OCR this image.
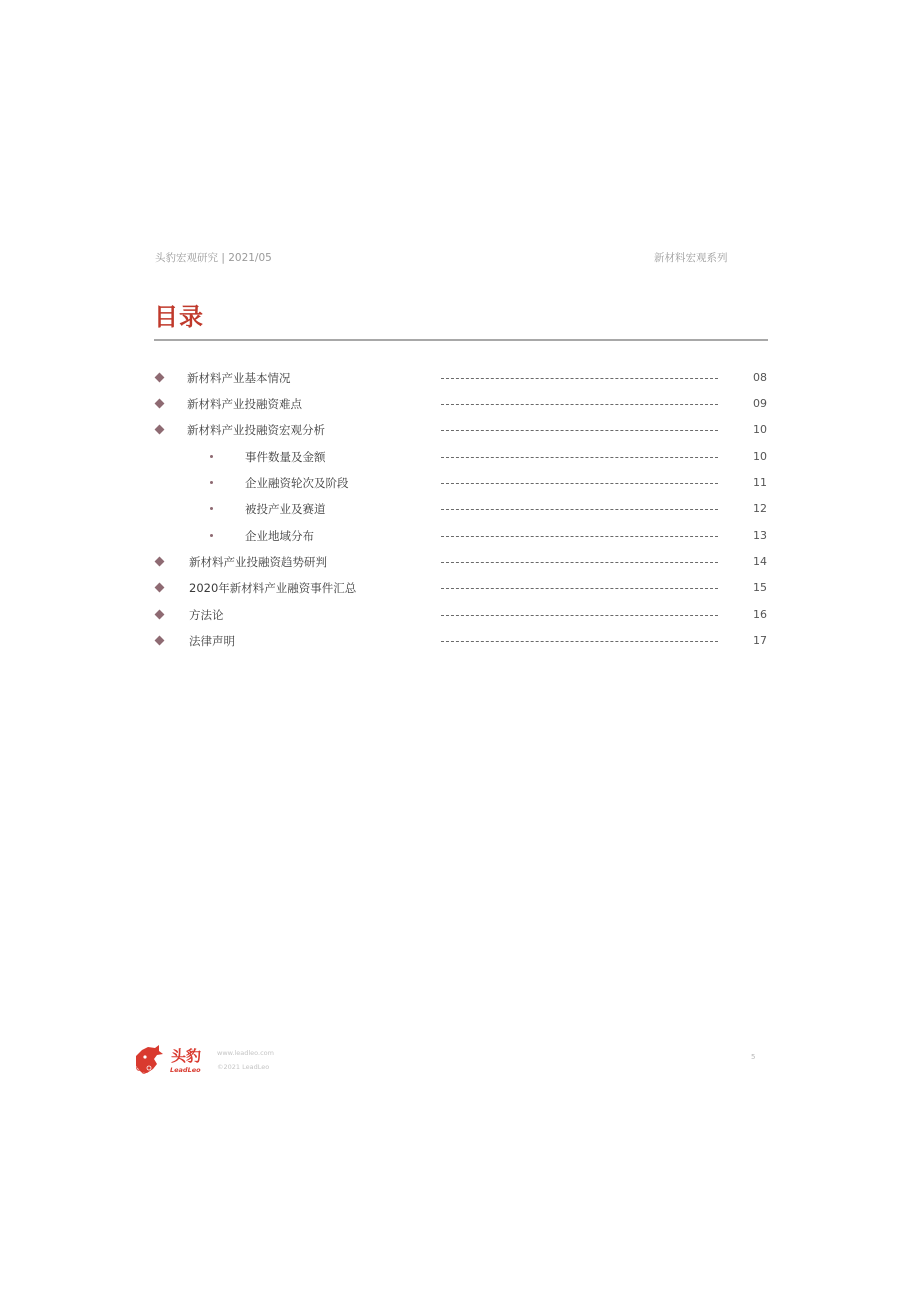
头豹宏观研究 | 2021/05	新材料宏观系列
目录
新材料产业基本情况	08
新材料产业投融资难点	09
新材料产业投融资宏观分析	10
事件数量及金额	10
企业融资轮次及阶段	11
被投产业及赛道	12
企业地域分布	13
新材料产业投融资趋势研判	14
2020年新材料产业融资事件汇总	15
方法论	16
法律声明	17
头豹
LeadLeo
www.leadleo.com
©2021 LeadLeo
5
